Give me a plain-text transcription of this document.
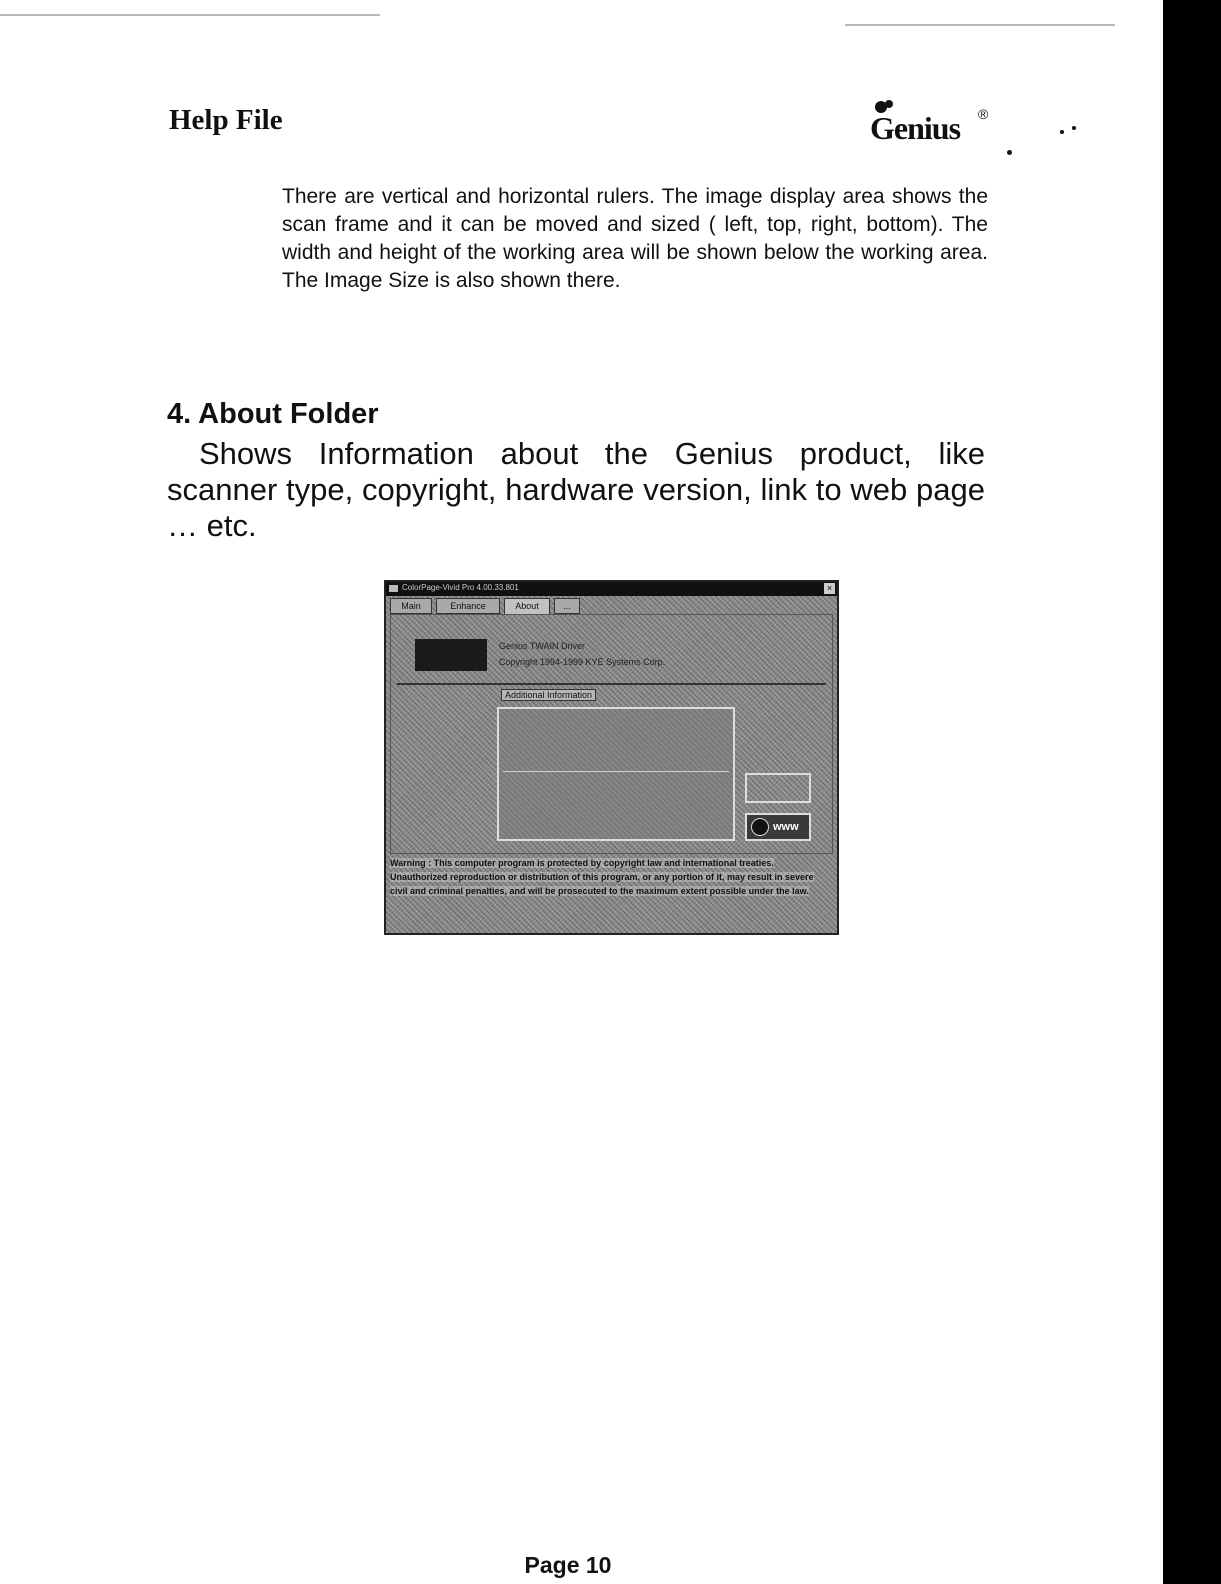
Help File	Genius ®
There are vertical and horizontal rulers. The image display area shows the scan frame and it can be moved and sized ( left, top, right, bottom). The width and height of the working area will be shown below the working area. The Image Size is also shown there.
4. About Folder
Shows Information about the Genius product, like scanner type, copyright, hardware version, link to web page … etc.
ColorPage-Vivid Pro 4.00.33.801	×
Main	Enhance	About	...
Genius TWAIN Driver
Copyright 1994-1999 KYE Systems Corp.
Additional Information
www
Warning : This computer program is protected by copyright law and international treaties. Unauthorized reproduction or distribution of this program, or any portion of it, may result in severe civil and criminal penalties, and will be prosecuted to the maximum extent possible under the law.
Page 10
